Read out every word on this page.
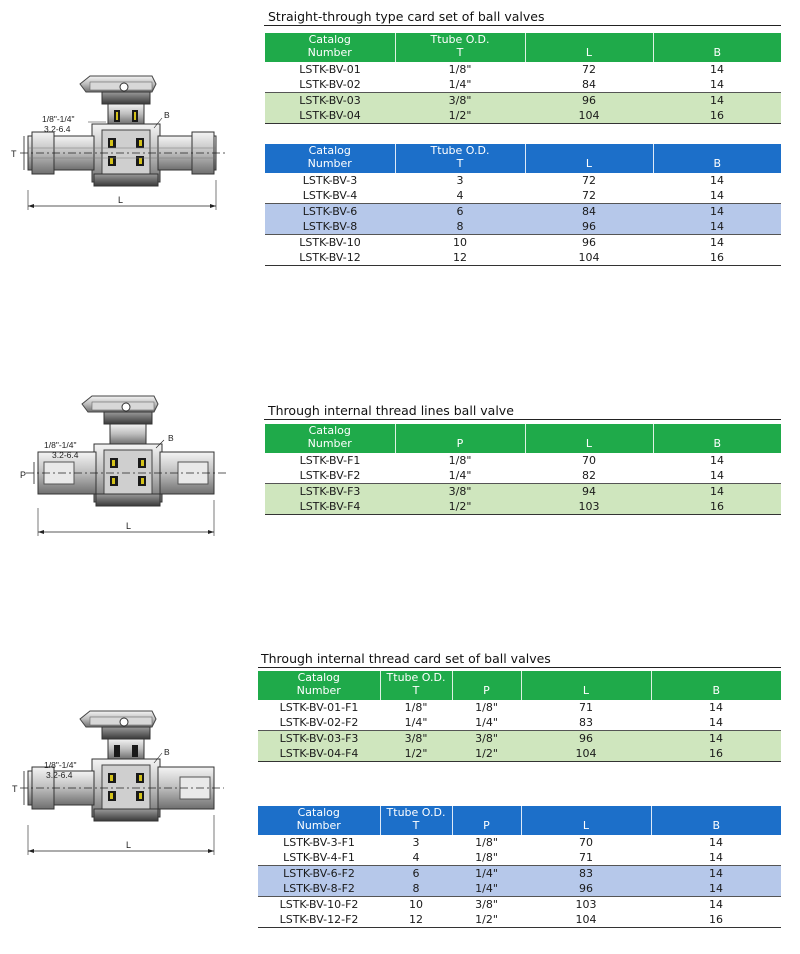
Straight-through type card set of ball valves
1/8"-1/4"
3.2-6.4
B
T
L
Catalog
Number	Ttube O.D.
T	L	B

LSTK-BV-01	1/8"	72	14
LSTK-BV-02	1/4"	84	14
LSTK-BV-03	3/8"	96	14
LSTK-BV-04	1/2"	104	16
Catalog
Number	Ttube O.D.
T	L	B

LSTK-BV-3	3	72	14
LSTK-BV-4	4	72	14
LSTK-BV-6	6	84	14
LSTK-BV-8	8	96	14
LSTK-BV-10	10	96	14
LSTK-BV-12	12	104	16
Through internal thread lines ball valve
1/8"-1/4"
3.2-6.4
B
P
L
Catalog
Number	P	L	B

LSTK-BV-F1	1/8"	70	14
LSTK-BV-F2	1/4"	82	14
LSTK-BV-F3	3/8"	94	14
LSTK-BV-F4	1/2"	103	16
Through internal thread card set of ball valves
1/8"-1/4"
3.2-6.4
B
T
L
Catalog
Number	Ttube O.D.
T	P	L	B

LSTK-BV-01-F1	1/8"	1/8"	71	14
LSTK-BV-02-F2	1/4"	1/4"	83	14
LSTK-BV-03-F3	3/8"	3/8"	96	14
LSTK-BV-04-F4	1/2"	1/2"	104	16
Catalog
Number	Ttube O.D.
T	P	L	B

LSTK-BV-3-F1	3	1/8"	70	14
LSTK-BV-4-F1	4	1/8"	71	14
LSTK-BV-6-F2	6	1/4"	83	14
LSTK-BV-8-F2	8	1/4"	96	14
LSTK-BV-10-F2	10	3/8"	103	14
LSTK-BV-12-F2	12	1/2"	104	16
